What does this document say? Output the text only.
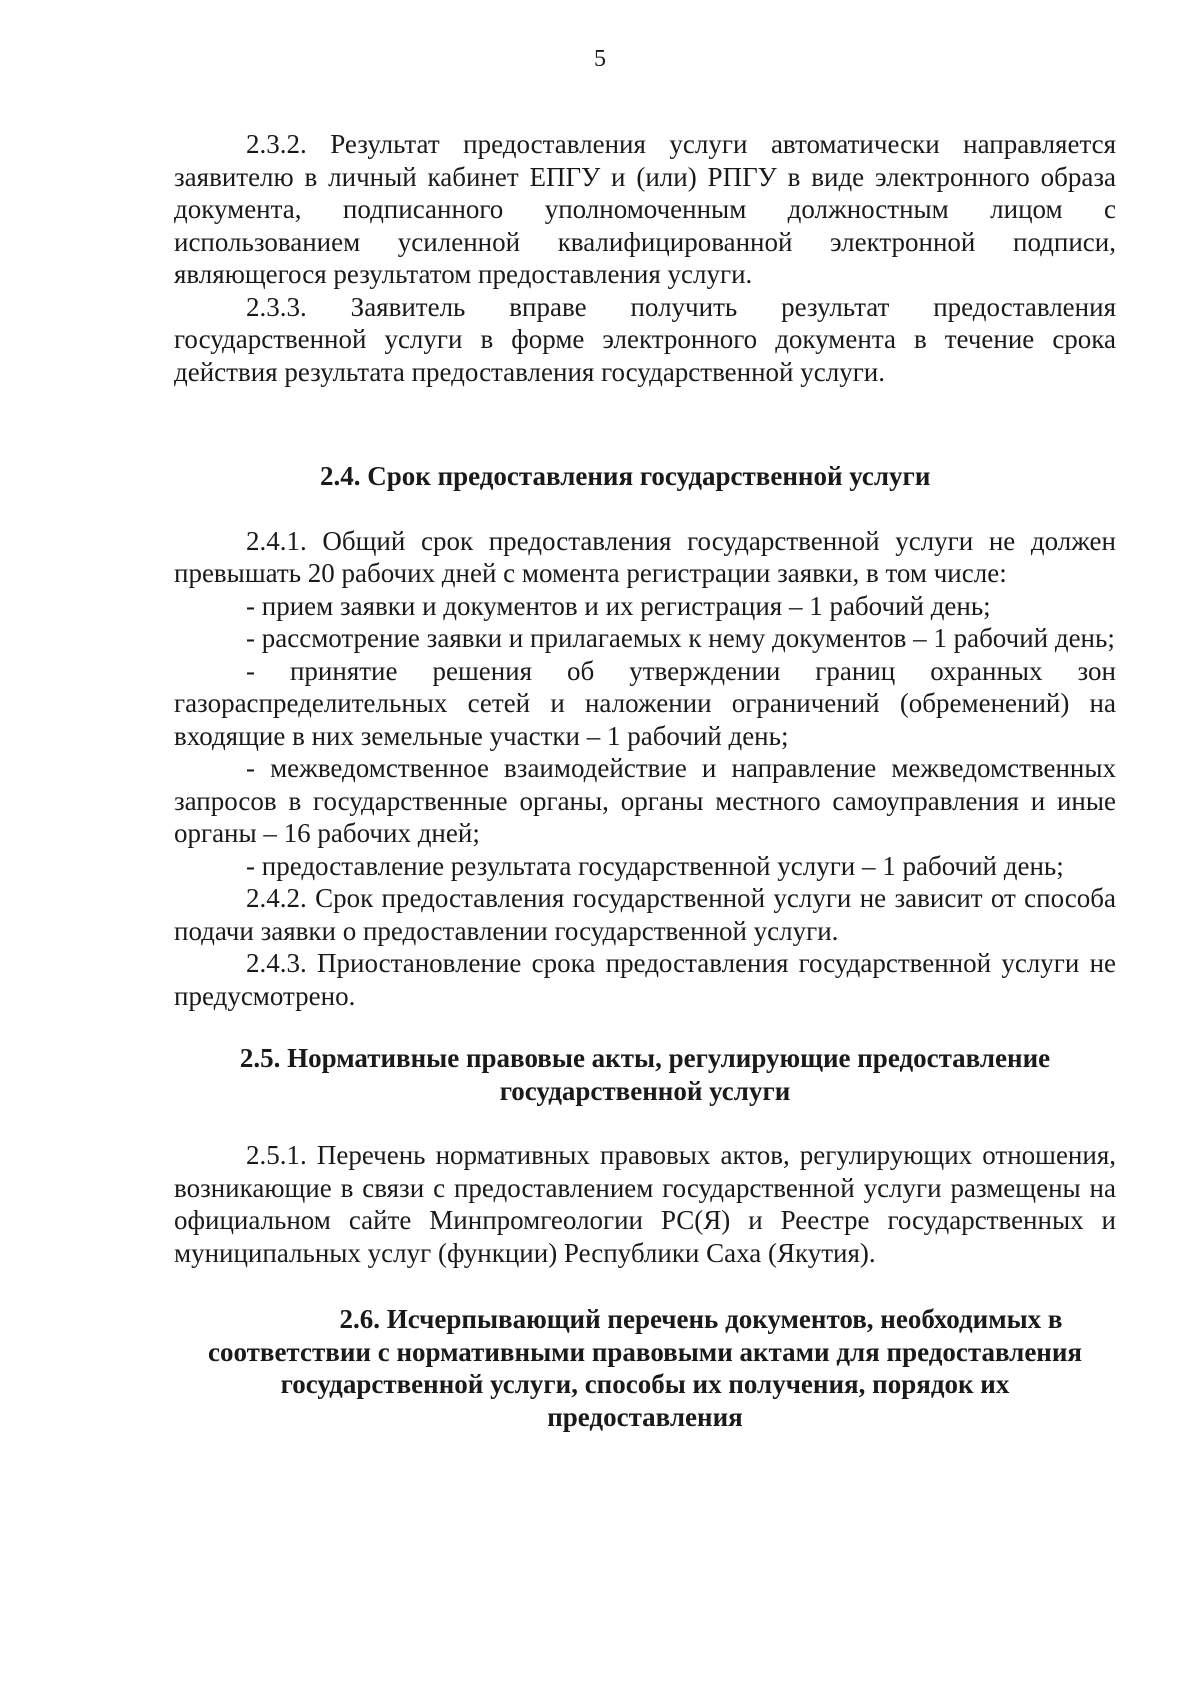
5

2.3.2. Результат предоставления услуги автоматически направляется заявителю в личный кабинет ЕПГУ и (или) РПГУ в виде электронного образа документа, подписанного уполномоченным должностным лицом с использованием усиленной квалифицированной электронной подписи, являющегося результатом предоставления услуги.

2.3.3. Заявитель вправе получить результат предоставления государственной услуги в форме электронного документа в течение срока действия результата предоставления государственной услуги.

2.4. Срок предоставления государственной услуги

2.4.1. Общий срок предоставления государственной услуги не должен превышать 20 рабочих дней с момента регистрации заявки, в том числе:

- прием заявки и документов и их регистрация – 1 рабочий день;

- рассмотрение заявки и прилагаемых к нему документов – 1 рабочий день;

- принятие решения об утверждении границ охранных зон газораспределительных сетей и наложении ограничений (обременений) на входящие в них земельные участки – 1 рабочий день;

- межведомственное взаимодействие и направление межведомственных запросов в государственные органы, органы местного самоуправления и иные органы – 16 рабочих дней;

- предоставление результата государственной услуги – 1 рабочий день;

2.4.2. Срок предоставления государственной услуги не зависит от способа подачи заявки о предоставлении государственной услуги.

2.4.3. Приостановление срока предоставления государственной услуги не предусмотрено.

2.5. Нормативные правовые акты, регулирующие предоставление
государственной услуги

2.5.1. Перечень нормативных правовых актов, регулирующих отношения, возникающие в связи с предоставлением государственной услуги размещены на официальном сайте Минпромгеологии РС(Я) и Реестре государственных и муниципальных услуг (функции) Республики Саха (Якутия).

2.6. Исчерпывающий перечень документов, необходимых в
соответствии с нормативными правовыми актами для предоставления
государственной услуги, способы их получения, порядок их
предоставления
